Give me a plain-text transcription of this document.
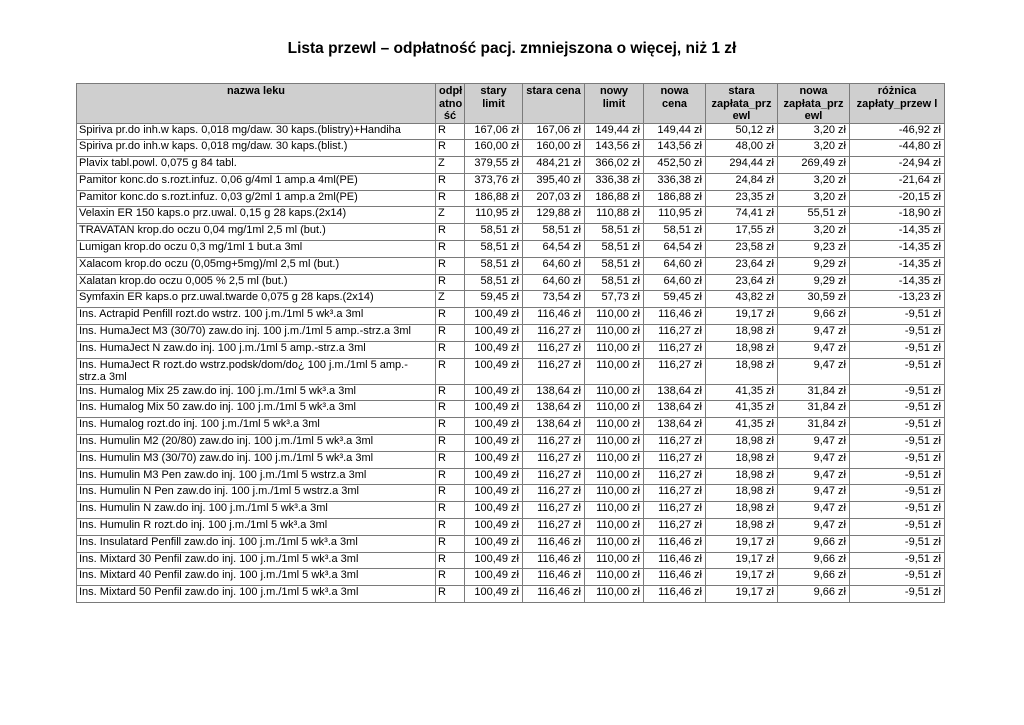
Lista przewl – odpłatność pacj. zmniejszona o więcej, niż 1 zł
nazwa leku	odpł atno ść	stary limit	stara cena	nowy limit	nowa cena	stara zapłata_prz ewl	nowa zapłata_prz ewl	różnica zapłaty_przew l
Spiriva pr.do inh.w kaps. 0,018 mg/daw. 30 kaps.(blistry)+Handiha	R	167,06 zł	167,06 zł	149,44 zł	149,44 zł	50,12 zł	3,20 zł	-46,92 zł
Spiriva pr.do inh.w kaps. 0,018 mg/daw. 30 kaps.(blist.)	R	160,00 zł	160,00 zł	143,56 zł	143,56 zł	48,00 zł	3,20 zł	-44,80 zł
Plavix tabl.powl. 0,075 g 84 tabl.	Z	379,55 zł	484,21 zł	366,02 zł	452,50 zł	294,44 zł	269,49 zł	-24,94 zł
Pamitor konc.do s.rozt.infuz. 0,06 g/4ml 1 amp.a 4ml(PE)	R	373,76 zł	395,40 zł	336,38 zł	336,38 zł	24,84 zł	3,20 zł	-21,64 zł
Pamitor konc.do s.rozt.infuz. 0,03 g/2ml 1 amp.a 2ml(PE)	R	186,88 zł	207,03 zł	186,88 zł	186,88 zł	23,35 zł	3,20 zł	-20,15 zł
Velaxin ER 150 kaps.o prz.uwal. 0,15 g 28 kaps.(2x14)	Z	110,95 zł	129,88 zł	110,88 zł	110,95 zł	74,41 zł	55,51 zł	-18,90 zł
TRAVATAN krop.do oczu 0,04 mg/1ml 2,5 ml (but.)	R	58,51 zł	58,51 zł	58,51 zł	58,51 zł	17,55 zł	3,20 zł	-14,35 zł
Lumigan krop.do oczu 0,3 mg/1ml 1 but.a 3ml	R	58,51 zł	64,54 zł	58,51 zł	64,54 zł	23,58 zł	9,23 zł	-14,35 zł
Xalacom krop.do oczu (0,05mg+5mg)/ml 2,5 ml (but.)	R	58,51 zł	64,60 zł	58,51 zł	64,60 zł	23,64 zł	9,29 zł	-14,35 zł
Xalatan krop.do oczu 0,005 % 2,5 ml (but.)	R	58,51 zł	64,60 zł	58,51 zł	64,60 zł	23,64 zł	9,29 zł	-14,35 zł
Symfaxin ER kaps.o prz.uwal.twarde 0,075 g 28 kaps.(2x14)	Z	59,45 zł	73,54 zł	57,73 zł	59,45 zł	43,82 zł	30,59 zł	-13,23 zł
Ins. Actrapid Penfill rozt.do wstrz. 100 j.m./1ml 5 wk³.a 3ml	R	100,49 zł	116,46 zł	110,00 zł	116,46 zł	19,17 zł	9,66 zł	-9,51 zł
Ins. HumaJect M3 (30/70) zaw.do inj. 100 j.m./1ml 5 amp.-strz.a 3ml	R	100,49 zł	116,27 zł	110,00 zł	116,27 zł	18,98 zł	9,47 zł	-9,51 zł
Ins. HumaJect N zaw.do inj. 100 j.m./1ml 5 amp.-strz.a 3ml	R	100,49 zł	116,27 zł	110,00 zł	116,27 zł	18,98 zł	9,47 zł	-9,51 zł
Ins. HumaJect R rozt.do wstrz.podsk/dom/do¿ 100 j.m./1ml 5 amp.-strz.a 3ml	R	100,49 zł	116,27 zł	110,00 zł	116,27 zł	18,98 zł	9,47 zł	-9,51 zł
Ins. Humalog Mix 25 zaw.do inj. 100 j.m./1ml 5 wk³.a 3ml	R	100,49 zł	138,64 zł	110,00 zł	138,64 zł	41,35 zł	31,84 zł	-9,51 zł
Ins. Humalog Mix 50 zaw.do inj. 100 j.m./1ml 5 wk³.a 3ml	R	100,49 zł	138,64 zł	110,00 zł	138,64 zł	41,35 zł	31,84 zł	-9,51 zł
Ins. Humalog rozt.do inj. 100 j.m./1ml 5 wk³.a 3ml	R	100,49 zł	138,64 zł	110,00 zł	138,64 zł	41,35 zł	31,84 zł	-9,51 zł
Ins. Humulin M2 (20/80) zaw.do inj. 100 j.m./1ml 5 wk³.a 3ml	R	100,49 zł	116,27 zł	110,00 zł	116,27 zł	18,98 zł	9,47 zł	-9,51 zł
Ins. Humulin M3 (30/70) zaw.do inj. 100 j.m./1ml 5 wk³.a 3ml	R	100,49 zł	116,27 zł	110,00 zł	116,27 zł	18,98 zł	9,47 zł	-9,51 zł
Ins. Humulin M3 Pen zaw.do inj. 100 j.m./1ml 5 wstrz.a 3ml	R	100,49 zł	116,27 zł	110,00 zł	116,27 zł	18,98 zł	9,47 zł	-9,51 zł
Ins. Humulin N Pen zaw.do inj. 100 j.m./1ml 5 wstrz.a 3ml	R	100,49 zł	116,27 zł	110,00 zł	116,27 zł	18,98 zł	9,47 zł	-9,51 zł
Ins. Humulin N zaw.do inj. 100 j.m./1ml 5 wk³.a 3ml	R	100,49 zł	116,27 zł	110,00 zł	116,27 zł	18,98 zł	9,47 zł	-9,51 zł
Ins. Humulin R rozt.do inj. 100 j.m./1ml 5 wk³.a 3ml	R	100,49 zł	116,27 zł	110,00 zł	116,27 zł	18,98 zł	9,47 zł	-9,51 zł
Ins. Insulatard Penfill zaw.do inj. 100 j.m./1ml 5 wk³.a 3ml	R	100,49 zł	116,46 zł	110,00 zł	116,46 zł	19,17 zł	9,66 zł	-9,51 zł
Ins. Mixtard 30 Penfil zaw.do inj. 100 j.m./1ml 5 wk³.a 3ml	R	100,49 zł	116,46 zł	110,00 zł	116,46 zł	19,17 zł	9,66 zł	-9,51 zł
Ins. Mixtard 40 Penfil zaw.do inj. 100 j.m./1ml 5 wk³.a 3ml	R	100,49 zł	116,46 zł	110,00 zł	116,46 zł	19,17 zł	9,66 zł	-9,51 zł
Ins. Mixtard 50 Penfil zaw.do inj. 100 j.m./1ml 5 wk³.a 3ml	R	100,49 zł	116,46 zł	110,00 zł	116,46 zł	19,17 zł	9,66 zł	-9,51 zł
